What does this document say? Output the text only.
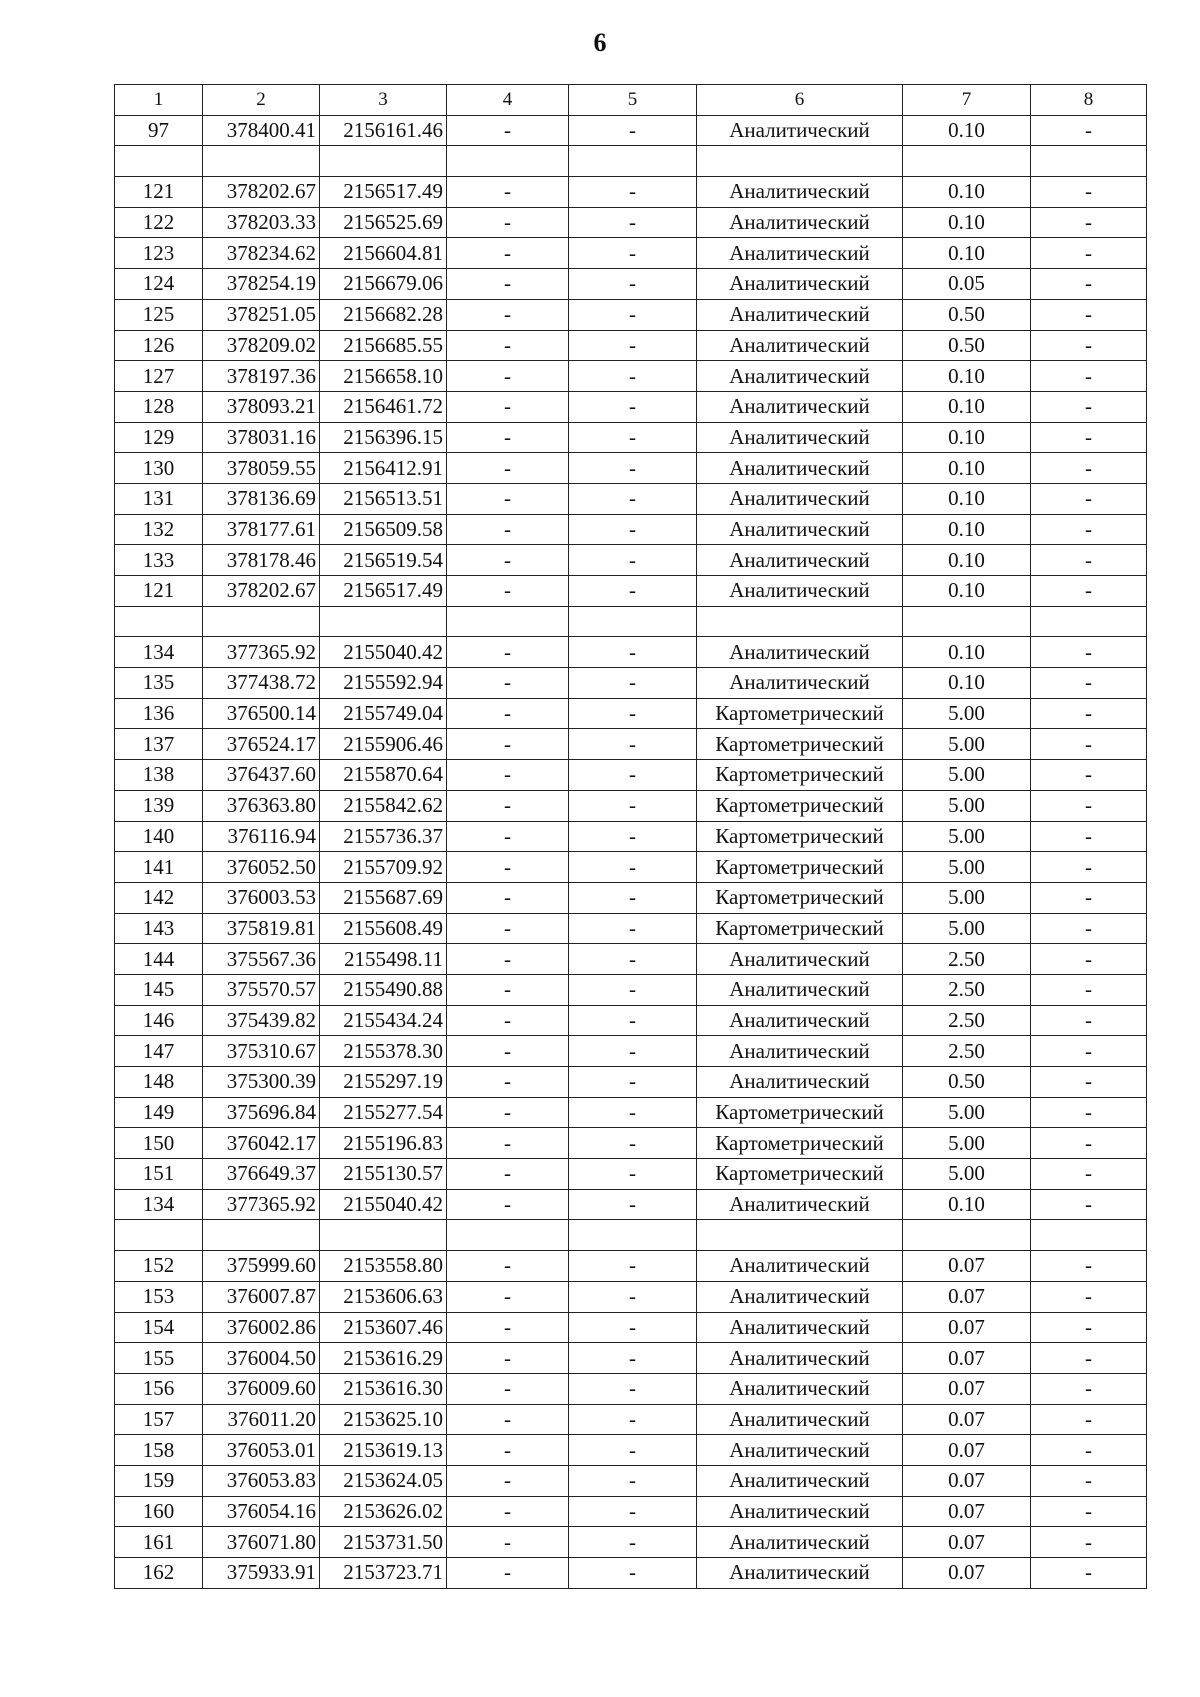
6
1	2	3	4	5	6	7	8
97	378400.41	2156161.46	-	-	Аналитический	0.10	-

121	378202.67	2156517.49	-	-	Аналитический	0.10	-
122	378203.33	2156525.69	-	-	Аналитический	0.10	-
123	378234.62	2156604.81	-	-	Аналитический	0.10	-
124	378254.19	2156679.06	-	-	Аналитический	0.05	-
125	378251.05	2156682.28	-	-	Аналитический	0.50	-
126	378209.02	2156685.55	-	-	Аналитический	0.50	-
127	378197.36	2156658.10	-	-	Аналитический	0.10	-
128	378093.21	2156461.72	-	-	Аналитический	0.10	-
129	378031.16	2156396.15	-	-	Аналитический	0.10	-
130	378059.55	2156412.91	-	-	Аналитический	0.10	-
131	378136.69	2156513.51	-	-	Аналитический	0.10	-
132	378177.61	2156509.58	-	-	Аналитический	0.10	-
133	378178.46	2156519.54	-	-	Аналитический	0.10	-
121	378202.67	2156517.49	-	-	Аналитический	0.10	-

134	377365.92	2155040.42	-	-	Аналитический	0.10	-
135	377438.72	2155592.94	-	-	Аналитический	0.10	-
136	376500.14	2155749.04	-	-	Картометрический	5.00	-
137	376524.17	2155906.46	-	-	Картометрический	5.00	-
138	376437.60	2155870.64	-	-	Картометрический	5.00	-
139	376363.80	2155842.62	-	-	Картометрический	5.00	-
140	376116.94	2155736.37	-	-	Картометрический	5.00	-
141	376052.50	2155709.92	-	-	Картометрический	5.00	-
142	376003.53	2155687.69	-	-	Картометрический	5.00	-
143	375819.81	2155608.49	-	-	Картометрический	5.00	-
144	375567.36	2155498.11	-	-	Аналитический	2.50	-
145	375570.57	2155490.88	-	-	Аналитический	2.50	-
146	375439.82	2155434.24	-	-	Аналитический	2.50	-
147	375310.67	2155378.30	-	-	Аналитический	2.50	-
148	375300.39	2155297.19	-	-	Аналитический	0.50	-
149	375696.84	2155277.54	-	-	Картометрический	5.00	-
150	376042.17	2155196.83	-	-	Картометрический	5.00	-
151	376649.37	2155130.57	-	-	Картометрический	5.00	-
134	377365.92	2155040.42	-	-	Аналитический	0.10	-

152	375999.60	2153558.80	-	-	Аналитический	0.07	-
153	376007.87	2153606.63	-	-	Аналитический	0.07	-
154	376002.86	2153607.46	-	-	Аналитический	0.07	-
155	376004.50	2153616.29	-	-	Аналитический	0.07	-
156	376009.60	2153616.30	-	-	Аналитический	0.07	-
157	376011.20	2153625.10	-	-	Аналитический	0.07	-
158	376053.01	2153619.13	-	-	Аналитический	0.07	-
159	376053.83	2153624.05	-	-	Аналитический	0.07	-
160	376054.16	2153626.02	-	-	Аналитический	0.07	-
161	376071.80	2153731.50	-	-	Аналитический	0.07	-
162	375933.91	2153723.71	-	-	Аналитический	0.07	-
